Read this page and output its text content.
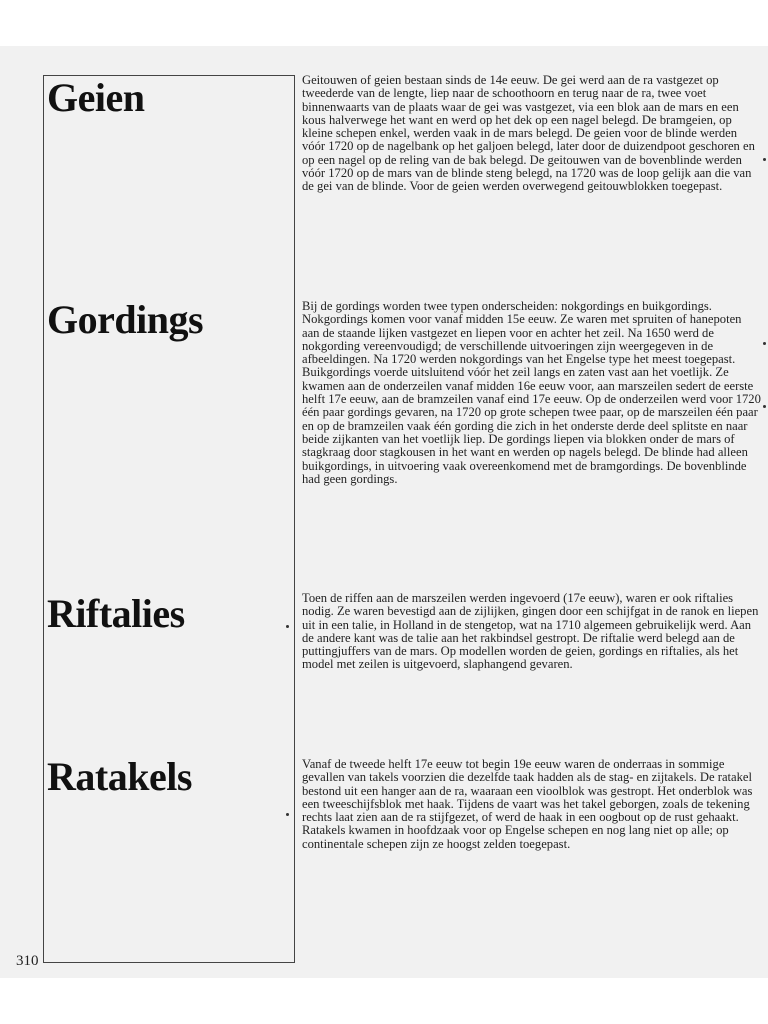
Geien	Geitouwen of geien bestaan sinds de 14e eeuw. De gei werd aan de ra vastgezet op tweederde van de lengte, liep naar de schoothoorn en terug naar de ra, twee voet binnenwaarts van de plaats waar de gei was vastgezet, via een blok aan de mars en een kous halverwege het want en werd op het dek op een nagel belegd. De bramgeien, op kleine schepen enkel, werden vaak in de mars belegd. De geien voor de blinde werden vóór 1720 op de nagelbank op het galjoen belegd, later door de duizendpoot geschoren en op een nagel op de reling van de bak belegd. De geitouwen van de bovenblinde werden vóór 1720 op de mars van de blinde steng belegd, na 1720 was de loop gelijk aan die van de gei van de blinde. Voor de geien werden overwegend geitouwblokken toegepast.

Gordings	Bij de gordings worden twee typen onderscheiden: nokgordings en buikgordings. Nokgordings komen voor vanaf midden 15e eeuw. Ze waren met spruiten of hanepoten aan de staande lijken vastgezet en liepen voor en achter het zeil. Na 1650 werd de nokgording vereenvoudigd; de verschillende uitvoeringen zijn weergegeven in de afbeeldingen. Na 1720 werden nokgordings van het Engelse type het meest toegepast. Buikgordings voerde uitsluitend vóór het zeil langs en zaten vast aan het voetlijk. Ze kwamen aan de onderzeilen vanaf midden 16e eeuw voor, aan marszeilen sedert de eerste helft 17e eeuw, aan de bramzeilen vanaf eind 17e eeuw. Op de onderzeilen werd voor 1720 één paar gordings gevaren, na 1720 op grote schepen twee paar, op de marszeilen één paar en op de bramzeilen vaak één gording die zich in het onderste derde deel splitste en naar beide zijkanten van het voetlijk liep. De gordings liepen via blokken onder de mars of stagkraag door stagkousen in het want en werden op nagels belegd. De blinde had alleen buikgordings, in uitvoering vaak overeenkomend met de bramgordings. De bovenblinde had geen gordings.

Riftalies	Toen de riffen aan de marszeilen werden ingevoerd (17e eeuw), waren er ook riftalies nodig. Ze waren bevestigd aan de zijlijken, gingen door een schijfgat in de ranok en liepen uit in een talie, in Holland in de stengetop, wat na 1710 algemeen gebruikelijk werd. Aan de andere kant was de talie aan het rakbindsel gestropt. De riftalie werd belegd aan de puttingjuffers van de mars. Op modellen worden de geien, gordings en riftalies, als het model met zeilen is uitgevoerd, slaphangend gevaren.

Ratakels	Vanaf de tweede helft 17e eeuw tot begin 19e eeuw waren de onderraas in sommige gevallen van takels voorzien die dezelfde taak hadden als de stag- en zijtakels. De ratakel bestond uit een hanger aan de ra, waaraan een vioolblok was gestropt. Het onderblok was een tweeschijfsblok met haak. Tijdens de vaart was het takel geborgen, zoals de tekening rechts laat zien aan de ra stijfgezet, of werd de haak in een oogbout op de rust gehaakt. Ratakels kwamen in hoofdzaak voor op Engelse schepen en nog lang niet op alle; op continentale schepen zijn ze hoogst zelden toegepast.

310
